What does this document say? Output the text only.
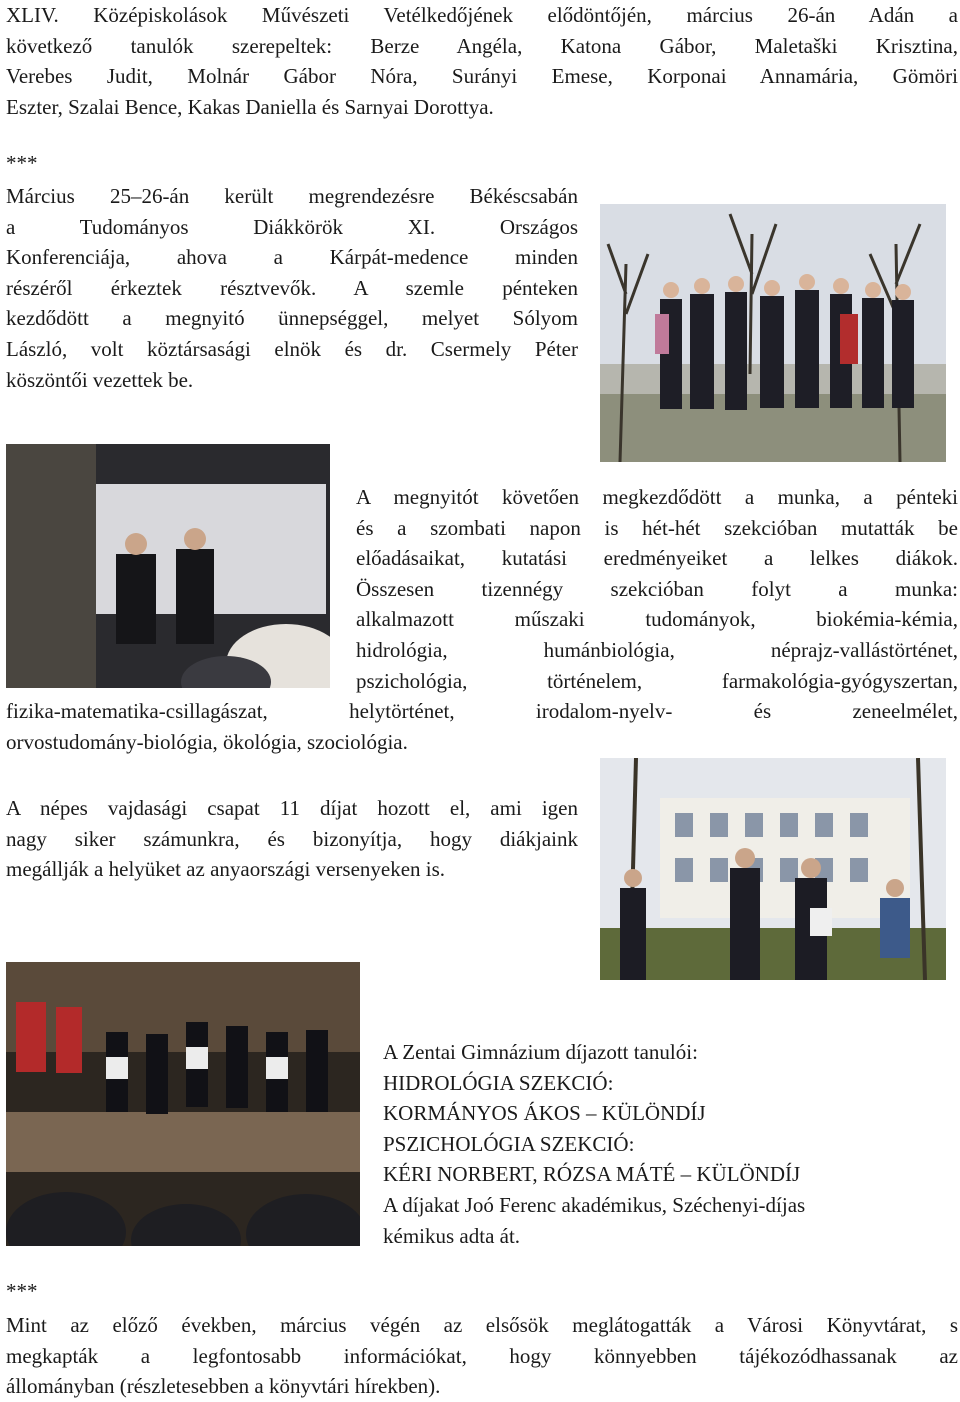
XLIV. Középiskolások Művészeti Vetélkedőjének elődöntőjén, március 26-án Adán a
következő tanulók szerepeltek: Berze Angéla, Katona Gábor, Maletaški Krisztina,
Verebes Judit, Molnár Gábor Nóra, Surányi Emese, Korponai Annamária, Gömöri
Eszter, Szalai Bence, Kakas Daniella és Sarnyai Dorottya.
***
Március 25–26-án került megrendezésre Békéscsabán
a Tudományos Diákkörök XI. Országos
Konferenciája, ahova a Kárpát-medence minden
részéről érkeztek résztvevők. A szemle pénteken
kezdődött a megnyitó ünnepséggel, melyet Sólyom
László, volt köztársasági elnök és dr. Csermely Péter
köszöntői vezettek be.
A megnyitót követően megkezdődött a munka, a pénteki
és a szombati napon is hét-hét szekcióban mutatták be
előadásaikat, kutatási eredményeiket a lelkes diákok.
Összesen tizennégy szekcióban folyt a munka:
alkalmazott műszaki tudományok, biokémia-kémia,
hidrológia, humánbiológia, néprajz-vallástörténet,
pszichológia, történelem, farmakológia-gyógyszertan,
fizika-matematika-csillagászat, helytörténet, irodalom-nyelv- és zeneelmélet,
orvostudomány-biológia, ökológia, szociológia.
A népes vajdasági csapat 11 díjat hozott el, ami igen
nagy siker számunkra, és bizonyítja, hogy diákjaink
megállják a helyüket az anyaországi versenyeken is.
A Zentai Gimnázium díjazott tanulói:
HIDROLÓGIA SZEKCIÓ:
KORMÁNYOS ÁKOS – KÜLÖNDÍJ
PSZICHOLÓGIA SZEKCIÓ:
KÉRI NORBERT, RÓZSA MÁTÉ – KÜLÖNDÍJ
A díjakat Joó Ferenc akadémikus, Széchenyi-díjas
kémikus adta át.
***
Mint az előző években, március végén az elsősök meglátogatták a Városi Könyvtárat, s
megkapták a legfontosabb információkat, hogy könnyebben tájékozódhassanak az
állományban (részletesebben a könyvtári hírekben).
